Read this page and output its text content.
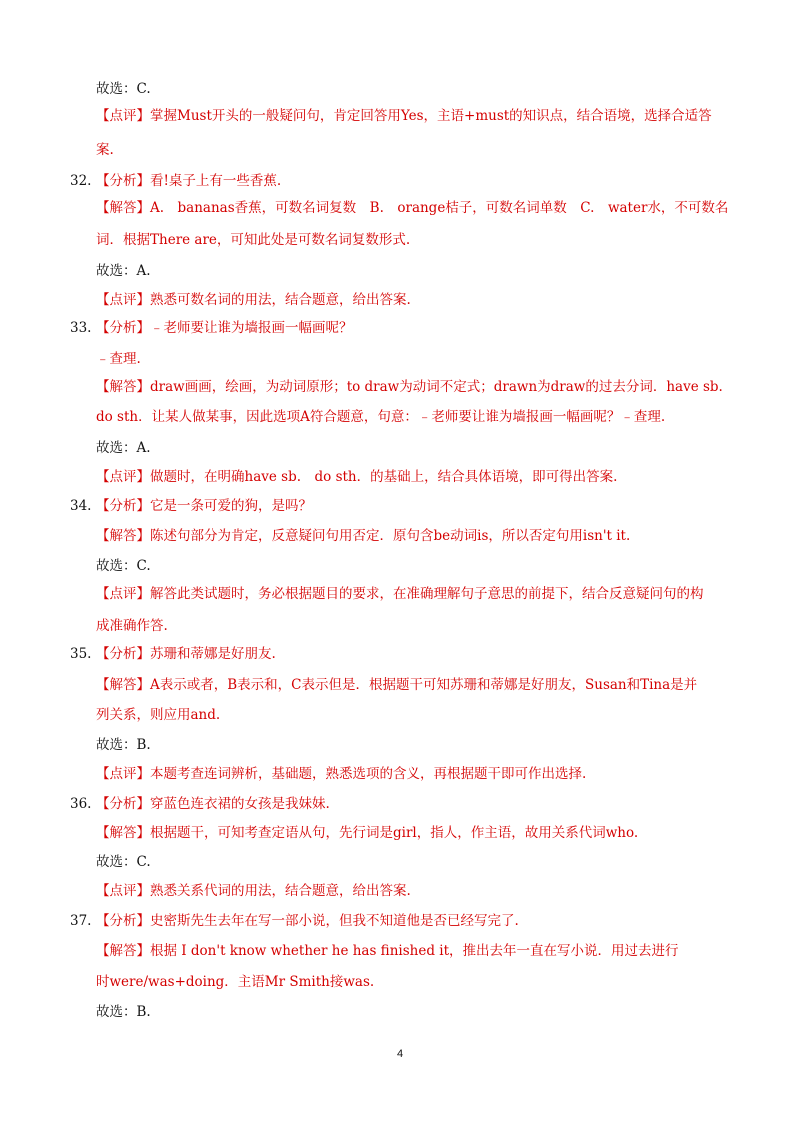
故选：C.
【点评】掌握Must开头的一般疑问句，肯定回答用Yes，主语+must的知识点，结合语境，选择合适答
案.
32. 【分析】看!桌子上有一些香蕉.
【解答】A.　bananas香蕉，可数名词复数　B.　orange桔子，可数名词单数　C.　water水，不可数名
词．根据There are，可知此处是可数名词复数形式.
故选：A.
【点评】熟悉可数名词的用法，结合题意，给出答案.
33. 【分析】﹣老师要让谁为墙报画一幅画呢？
﹣查理.
【解答】draw画画，绘画，为动词原形；to draw为动词不定式；drawn为draw的过去分词．have sb.
do sth．让某人做某事，因此选项A符合题意，句意：﹣老师要让谁为墙报画一幅画呢？﹣查理.
故选：A.
【点评】做题时，在明确have sb.　do sth．的基础上，结合具体语境，即可得出答案.
34. 【分析】它是一条可爱的狗，是吗？
【解答】陈述句部分为肯定，反意疑问句用否定．原句含be动词is，所以否定句用isn't it.
故选：C.
【点评】解答此类试题时，务必根据题目的要求，在准确理解句子意思的前提下，结合反意疑问句的构
成准确作答.
35. 【分析】苏珊和蒂娜是好朋友.
【解答】A表示或者，B表示和，C表示但是．根据题干可知苏珊和蒂娜是好朋友，Susan和Tina是并
列关系，则应用and.
故选：B.
【点评】本题考查连词辨析，基础题，熟悉选项的含义，再根据题干即可作出选择.
36. 【分析】穿蓝色连衣裙的女孩是我妹妹.
【解答】根据题干，可知考查定语从句，先行词是girl，指人，作主语，故用关系代词who.
故选：C.
【点评】熟悉关系代词的用法，结合题意，给出答案.
37. 【分析】史密斯先生去年在写一部小说，但我不知道他是否已经写完了.
【解答】根据 I don't know whether he has finished it，推出去年一直在写小说．用过去进行
时were/was+doing．主语Mr Smith接was.
故选：B.
4
